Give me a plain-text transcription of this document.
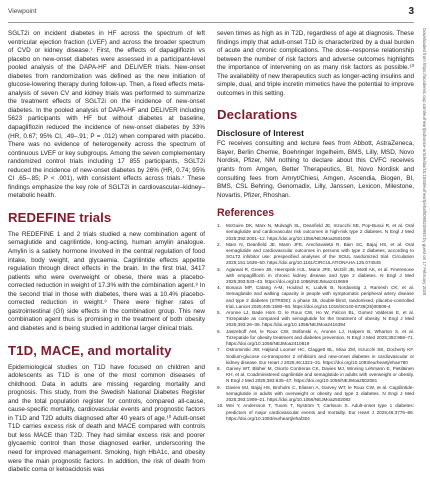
Viewpoint	3

SGLT2i on incident diabetes in HF across the spectrum of left ventricular ejection fraction (LVEF) and across the broader spectrum of CVD or kidney disease.⁷ First, the effects of dapagliflozin vs placebo on new-onset diabetes were assessed in a participant-level pooled analysis of the DAPA-HF and DELIVER trials. New-onset diabetes from randomization was defined as the new initiation of glucose-lowering therapy during follow-up. Then, a fixed effects meta-analysis of seven CV and kidney trials was performed to summarize the treatment effects of SGLT2i on the incidence of new-onset diabetes. In the pooled analysis of DAPA-HF and DELIVER including 5623 participants with HF but without diabetes at baseline, dapagliflozin reduced the incidence of new-onset diabetes by 33% (HR, 0.67; 95% CI, .49–.91; P = .012) when compared with placebo. There was no evidence of heterogeneity across the spectrum of continuous LVEF or key subgroups. Among the seven complementary randomized control trials including 17 855 participants, SGLT2i reduced the incidence of new-onset diabetes by 26% (HR, 0.74; 95% CI .65–.85; P < .001), with consistent effects across trials.⁷ These findings emphasize the key role of SGLT2i in cardiovascular–kidney–metabolic health.

REDEFINE trials

The REDEFINE 1 and 2 trials studied a new combination agent of semaglutide and cagrilintide, long-acting, human amylin analogue. Amylin is a satiety hormone involved in the central regulation of food intake, body weight, and glycaemia. Cagrilintide effects appetite regulation through direct effects in the brain. In the first trial, 3417 patients who were overweight or obese, there was a placebo-corrected reduction in weight of 17.3% with the combination agent.⁸ In the second trial in those with diabetes, there was a 10.4% placebo-corrected reduction in weight.⁹ There were higher rates of gastrointestinal (GI) side effects in the combination group. This new combination agent thus is promising in the treatment of both obesity and diabetes and is being studied in additional larger clinical trials.

T1D, MACE, and mortality

Epidemiological studies on T1D have focused on children and adolescents as T1D is one of the most common diseases of childhood. Data in adults are missing regarding mortality and prognosis. This study, from the Swedish National Diabetes Register and the total population register for controls, compared all-cause, cause-specific mortality, cardiovascular events and prognostic factors in T1D and T2D adults diagnosed after 40 years of age.¹⁰ Adult-onset T1D carries excess risk of death and MACE compared with controls but less MACE than T2D. They had similar excess risk and poorer glycaemic control than those diagnosed earlier, underscoring the need for improved management. Smoking, high HbA1c, and obesity were the main prognostic factors. In addition, the risk of death from diabetic coma or ketoacidosis was

seven times as high as in T2D, regardless of age at diagnosis. These findings imply that adult-onset T1D is characterized by a dual burden of acute and chronic complications. The dose–response relationship between the number of risk factors and adverse outcomes highlights the importance of intervening on as many risk factors as possible.¹⁰ The availability of new therapeutics such as longer-acting insulins and simple, dual, and triple incretin mimetics have the potential to improve outcomes in this setting.

Declarations
Disclosure of Interest

FC receives consulting and lecture fees from Abbott, AstraZeneca, Bayer, Berlin Chemie, Boehringer Ingelheim, BMS, Lilly, MSD, Novo Nordisk, Pfizer, NM nothing to declare about this CVFC receives grants from Amgen, Better Therapeutics, BI, Novo Nordisk and consulting fees from Amryt/Chiesi, Amgen, Ascendia, Biogen, BI, BMS, CSL Behring, Genomadix, Lilly, Janssen, Lexicon, Milestone, Novartis, Pfizer, Rhoshan.

References
1.	McGuire DK, Marx N, Mulvagh SL, Deanfield JE, Inzucchi SE, Pop-Busui R, et al. Oral semaglutide and cardiovascular risk outcomes in high-risk type 2 diabetes. N Engl J Med 2025;392:2001–12. https://doi.org/10.1056/NEJMoa2501006
2.	Marx N, Deanfield JE, Mann JFE, Arechavaleta R, Bain SC, Bajaj HS, et al. Oral semaglutide and cardiovascular outcomes in persons with type 2 diabetes, according to SGLT2 inhibitor use: prespecified analyses of the SOUL randomized trial. Circulation 2025;151:1639–50. https://doi.org/10.1161/CIRCULATIONAHA.125.074545
3.	Agarwal R, Green JB, Heerspink HJL, Mann JFE, McGill JB, Mottl AK, et al. Finerenone with empagliflozin in chronic kidney disease and type 2 diabetes. N Engl J Med 2025;393:533–43. https://doi.org/10.1056/NEJMoa2410659
4.	Bonaca MP, Catarig A-M, Houlind K, Ludvik B, Nordanstig J, Ramesh CK, et al. Semaglutide and walking capacity in people with symptomatic peripheral artery disease and type 2 diabetes (STRIDE): a phase 3b, double-blind, randomised, placebo-controlled trial. Lancet 2025;405:1580–93. https://doi.org/10.1016/S0140-6736(25)00509-4
5.	Aronne LJ, Bade Horn D, le Roux CW, Ho W, Falcon BL, Gomez Valderas E, et al. Tirzepatide as compared with semaglutide for the treatment of obesity. N Engl J Med 2025;393:26–36. https://doi.org/10.1056/NEJMoa2416394
6.	Jastreboff AM, le Roux CW, Stefanski A, Aronne LJ, Halpern B, Wharton S, et al. Tirzepatide for obesity treatment and diabetes prevention. N Engl J Med 2025;392:958–71. https://doi.org/10.1056/NEJMoa2410819
7.	Ostrominski JW, Højlund Loomer HC, Claggett BL, Miao ZM, Inzucchi SE, Docherty KF. Sodium-glucose co-transporter 2 inhibitors and new-onset diabetes in cardiovascular or kidney disease. Eur Heart J 2025;46:1321–31. https://doi.org/10.1093/eurheartj/ehae780
8.	Garvey WT, Blüher M, Osorto Contreras CK, Davies MJ, Winning Lehmann E, Pietiläinen KH, et al. Coadministered cagrilintide and semaglutide in adults with overweight or obesity. N Engl J Med 2025;393:635–47. https://doi.org/10.1056/NEJMoa2502081
9.	Davies MJ, Bajaj HS, Broholm C, Eliasen A, Garvey WT, le Roux CW, et al. Cagrilintide-semaglutide in adults with overweight or obesity and type 2 diabetes. N Engl J Med 2025;393:1909–21. https://doi.org/10.1056/NEJMoa2502082
10. Wei Y, Andersson T, Tuomi T, Nyström T, Carlsson S. Adult-onset type 1 diabetes: predictors of major cardiovascular events and mortality. Eur Heart J 2025;46:3776–86. https://doi.org/10.1093/eurheartj/ehaf304
Downloaded from https://academic.oup.com/eurheartj/advance-article/doi/10.1093/eurheartj/ehaf509/8209993 by guest on 17 February 2025
